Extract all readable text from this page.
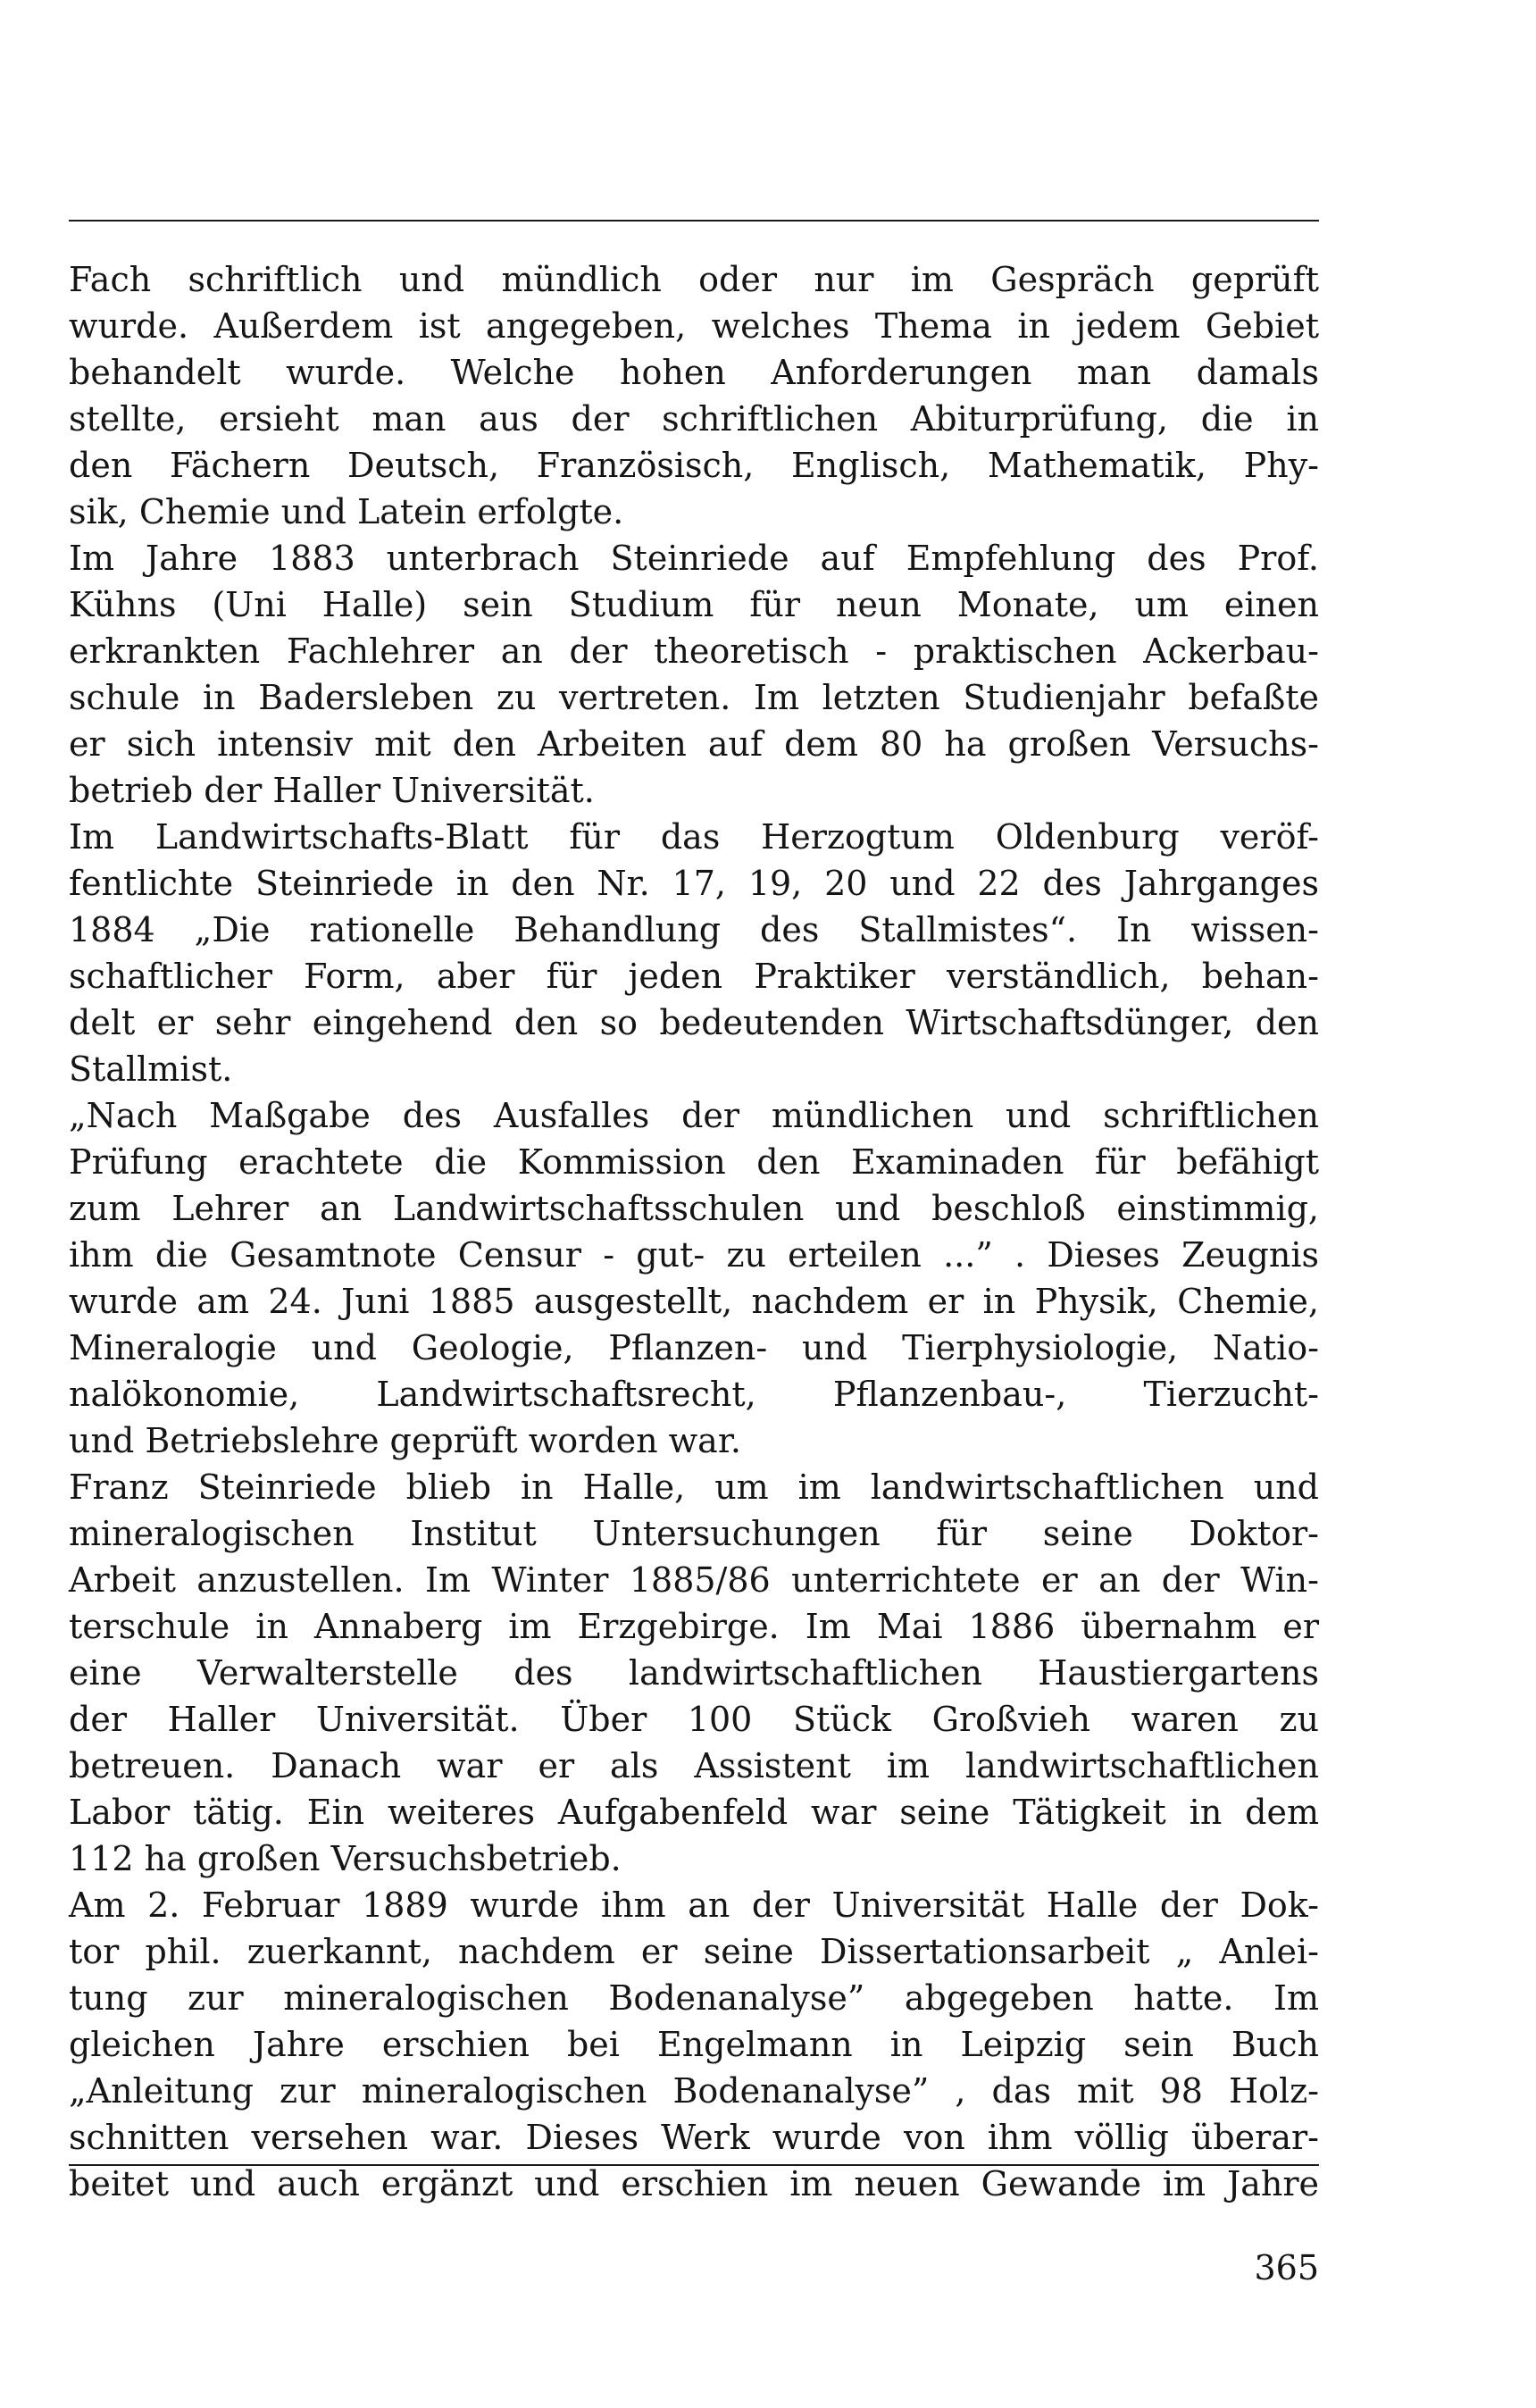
Fach schriftlich und mündlich oder nur im Gespräch geprüft
wurde. Außerdem ist angegeben, welches Thema in jedem Gebiet
behandelt wurde. Welche hohen Anforderungen man damals
stellte, ersieht man aus der schriftlichen Abiturprüfung, die in
den Fächern Deutsch, Französisch, Englisch, Mathematik, Phy-
sik, Chemie und Latein erfolgte.
Im Jahre 1883 unterbrach Steinriede auf Empfehlung des Prof.
Kühns (Uni Halle) sein Studium für neun Monate, um einen
erkrankten Fachlehrer an der theoretisch - praktischen Ackerbau-
schule in Badersleben zu vertreten. Im letzten Studienjahr befaßte
er sich intensiv mit den Arbeiten auf dem 80 ha großen Versuchs-
betrieb der Haller Universität.
Im Landwirtschafts-Blatt für das Herzogtum Oldenburg veröf-
fentlichte Steinriede in den Nr. 17, 19, 20 und 22 des Jahrganges
1884 „Die rationelle Behandlung des Stallmistes“. In wissen-
schaftlicher Form, aber für jeden Praktiker verständlich, behan-
delt er sehr eingehend den so bedeutenden Wirtschaftsdünger, den
Stallmist.
„Nach Maßgabe des Ausfalles der mündlichen und schriftlichen
Prüfung erachtete die Kommission den Examinaden für befähigt
zum Lehrer an Landwirtschaftsschulen und beschloß einstimmig,
ihm die Gesamtnote Censur - gut- zu erteilen ...” . Dieses Zeugnis
wurde am 24. Juni 1885 ausgestellt, nachdem er in Physik, Chemie,
Mineralogie und Geologie, Pflanzen- und Tierphysiologie, Natio-
nalökonomie, Landwirtschaftsrecht, Pflanzenbau-, Tierzucht-
und Betriebslehre geprüft worden war.
Franz Steinriede blieb in Halle, um im landwirtschaftlichen und
mineralogischen Institut Untersuchungen für seine Doktor-
Arbeit anzustellen. Im Winter 1885/86 unterrichtete er an der Win-
terschule in Annaberg im Erzgebirge. Im Mai 1886 übernahm er
eine Verwalterstelle des landwirtschaftlichen Haustiergartens
der Haller Universität. Über 100 Stück Großvieh waren zu
betreuen. Danach war er als Assistent im landwirtschaftlichen
Labor tätig. Ein weiteres Aufgabenfeld war seine Tätigkeit in dem
112 ha großen Versuchsbetrieb.
Am 2. Februar 1889 wurde ihm an der Universität Halle der Dok-
tor phil. zuerkannt, nachdem er seine Dissertationsarbeit „ Anlei-
tung zur mineralogischen Bodenanalyse” abgegeben hatte. Im
gleichen Jahre erschien bei Engelmann in Leipzig sein Buch
„Anleitung zur mineralogischen Bodenanalyse” , das mit 98 Holz-
schnitten versehen war. Dieses Werk wurde von ihm völlig überar-
beitet und auch ergänzt und erschien im neuen Gewande im Jahre
365
